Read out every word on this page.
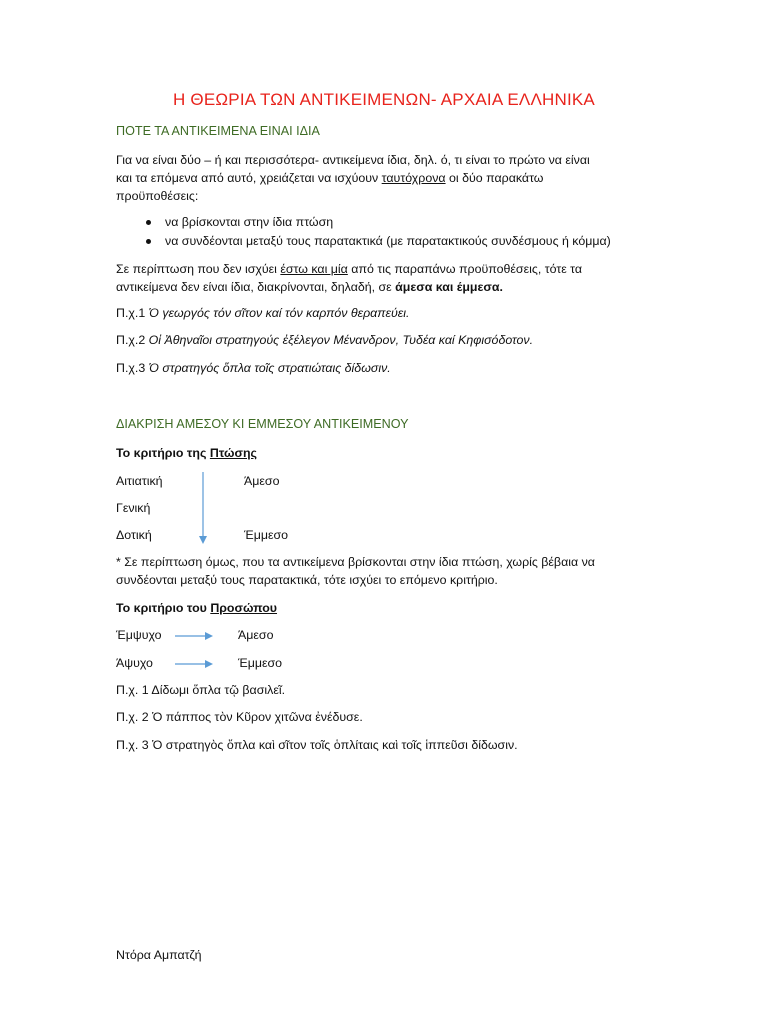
Η ΘΕΩΡΙΑ ΤΩΝ ΑΝΤΙΚΕΙΜΕΝΩΝ- ΑΡΧΑΙΑ ΕΛΛΗΝΙΚΑ
ΠΟΤΕ ΤΑ ΑΝΤΙΚΕΙΜΕΝΑ ΕΙΝΑΙ ΙΔΙΑ
Για να είναι δύο – ή και περισσότερα- αντικείμενα ίδια, δηλ. ό, τι είναι το πρώτο να είναι
και τα επόμενα από αυτό, χρειάζεται να ισχύουν ταυτόχρονα οι δύο παρακάτω
προϋποθέσεις:
να βρίσκονται στην ίδια πτώση
να συνδέονται μεταξύ τους παρατακτικά (με παρατακτικούς συνδέσμους ή κόμμα)
Σε περίπτωση που δεν ισχύει έστω και μία από τις παραπάνω προϋποθέσεις, τότε τα
αντικείμενα δεν είναι ίδια, διακρίνονται, δηλαδή, σε άμεσα και έμμεσα.
Π.χ.1 Ὁ γεωργός τόν σῖτον καί τόν καρπόν θεραπεύει.
Π.χ.2 Οἱ Ἀθηναῖοι στρατηγούς ἐξέλεγον Μένανδρον, Τυδέα καί Κηφισόδοτον.
Π.χ.3 Ὁ στρατηγός ὅπλα τοῖς στρατιώταις δίδωσιν.
ΔΙΑΚΡΙΣΗ ΑΜΕΣΟΥ ΚΙ ΕΜΜΕΣΟΥ ΑΝΤΙΚΕΙΜΕΝΟΥ
Το κριτήριο της Πτώσης
Αιτιατική	Άμεσο
Γενική
Δοτική	Έμμεσο
* Σε περίπτωση όμως, που τα αντικείμενα βρίσκονται στην ίδια πτώση, χωρίς βέβαια να
συνδέονται μεταξύ τους παρατακτικά, τότε ισχύει το επόμενο κριτήριο.
Το κριτήριο του Προσώπου
Έμψυχο	Άμεσο
Άψυχο	Έμμεσο
Π.χ. 1 Δίδωμι ὅπλα τῷ βασιλεῖ.
Π.χ. 2 Ὁ πάππος τὸν Κῦρον χιτῶνα ἐνέδυσε.
Π.χ. 3 Ὁ στρατηγὸς ὅπλα καὶ σῖτον τοῖς ὁπλίταις καὶ τοῖς ἱππεῦσι δίδωσιν.
Ντόρα Αμπατζή
